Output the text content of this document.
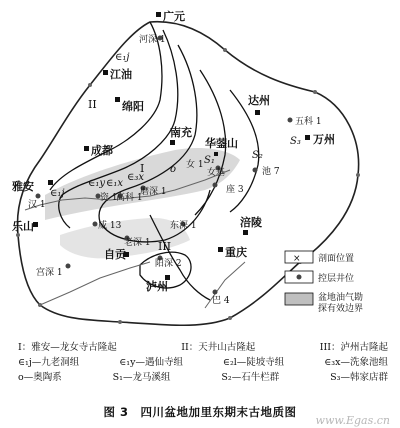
广元
江油
绵阳
成都
雅安
乐山
自贡
泸州
南充
华蓥山
达州
万州
涪陵
重庆
河深 1
汉 1
资 1
磨深 1
高科 1
女基
女 1
座 3
池 7
五科 1
东深 1
老深 1
威 13
宫深 1
阳深 2
巴 4
II
I
III
∈₁j
∈₁j
∈₁y ∈₁x
∈₃x
o
S₁	S₂
S₃
× 剖面位置
控层井位
盆地油气勘探有效边界
I：雅安—龙女寺古隆起	II：天井山古隆起	III：泸州古隆起
∈₁j—九老洞组	∈₁y—遇仙寺组	∈₂l—陡坡寺组	∈₃x—洗象池组
o—奥陶系	S₁—龙马溪组	S₂—石牛栏群	S₃—韩家店群
图 3　四川盆地加里东期末古地质图
www.Egas.cn
